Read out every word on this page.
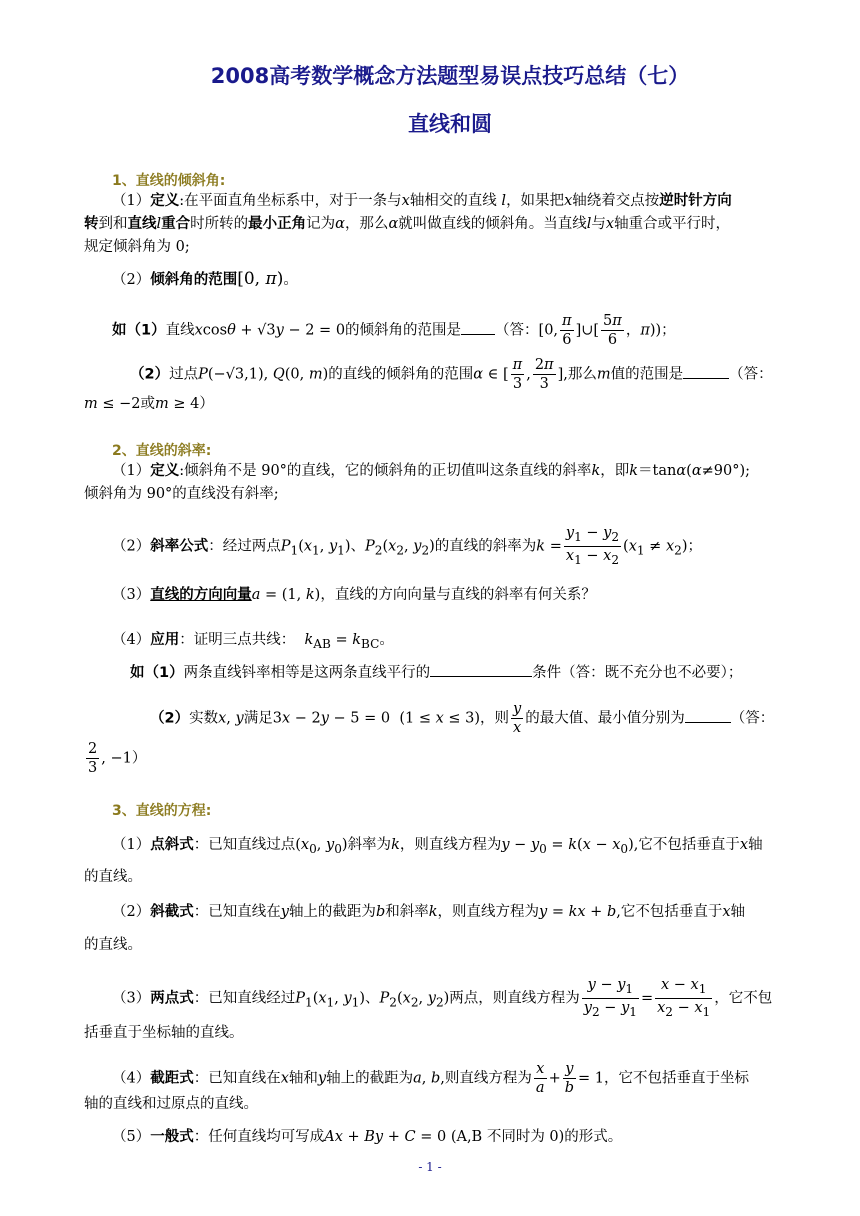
2008高考数学概念方法题型易误点技巧总结（七）
直线和圆
1、直线的倾斜角:
（1）定义:在平面直角坐标系中，对于一条与x轴相交的直线 l，如果把x轴绕着交点按逆时针方向
转到和直线l重合时所转的最小正角记为α，那么α就叫做直线的倾斜角。当直线l与x轴重合或平行时，
规定倾斜角为 0;
（2）倾斜角的范围[0, π)。
如（1）直线xcosθ + √3y − 2 = 0的倾斜角的范围是 （答：[0, $\frac{\pi}{6}$ ]∪[ $\frac{5\pi}{6}$ ，π))；
（2）过点P(−√3,1), Q(0, m)的直线的倾斜角的范围α ∈ [ $\frac{\pi}{3}$ , $\frac{2\pi}{3}$ ],那么m值的范围是	（答：
m ≤ −2或m ≥ 4）
2、直线的斜率:
（1）定义:倾斜角不是 90°的直线，它的倾斜角的正切值叫这条直线的斜率k，即k＝tanα(α≠90°);
倾斜角为 90°的直线没有斜率;
（2）斜率公式：经过两点$P_1(x_1$, $y_1$)、$P_2(x_2$, $y_2$)的直线的斜率为$k = \frac{y_1 - y_2}{x_1 - x_2} (x_1 \ne x_2)$；
（3）直线的方向向量a = (1, k)，直线的方向向量与直线的斜率有何关系？
（4）应用：证明三点共线： $k_{AB} = k_{BC}$。
如（1）两条直线钭率相等是这两条直线平行的	条件（答：既不充分也不必要）；
（2）实数x, y满足3x − 2y − 5 = 0  (1 ≤ x ≤ 3)，则 $\frac{y}{x}$ 的最大值、最小值分别为	（答：
$\frac{2}{3}$ , −1）
3、直线的方程:
（1）点斜式：已知直线过点($x_0$, $y_0$)斜率为k，则直线方程为$y - y_0 = k(x - x_0)$,它不包括垂直于x轴
的直线。
（2）斜截式：已知直线在y轴上的截距为b和斜率k，则直线方程为y = kx + b,它不包括垂直于x轴
的直线。
（3）两点式：已知直线经过$P_1(x_1$, $y_1$)、$P_2(x_2$, $y_2$)两点，则直线方程为 $\frac{y - y_1}{y_2 - y_1} = \frac{x - x_1}{x_2 - x_1}$ ，它不包
括垂直于坐标轴的直线。
（4）截距式：已知直线在x轴和y轴上的截距为a, b,则直线方程为 $\frac{x}{a} + \frac{y}{b} = 1$，它不包括垂直于坐标
轴的直线和过原点的直线。
（5）一般式：任何直线均可写成Ax + By + C = 0 (A,B 不同时为 0)的形式。
- 1 -
